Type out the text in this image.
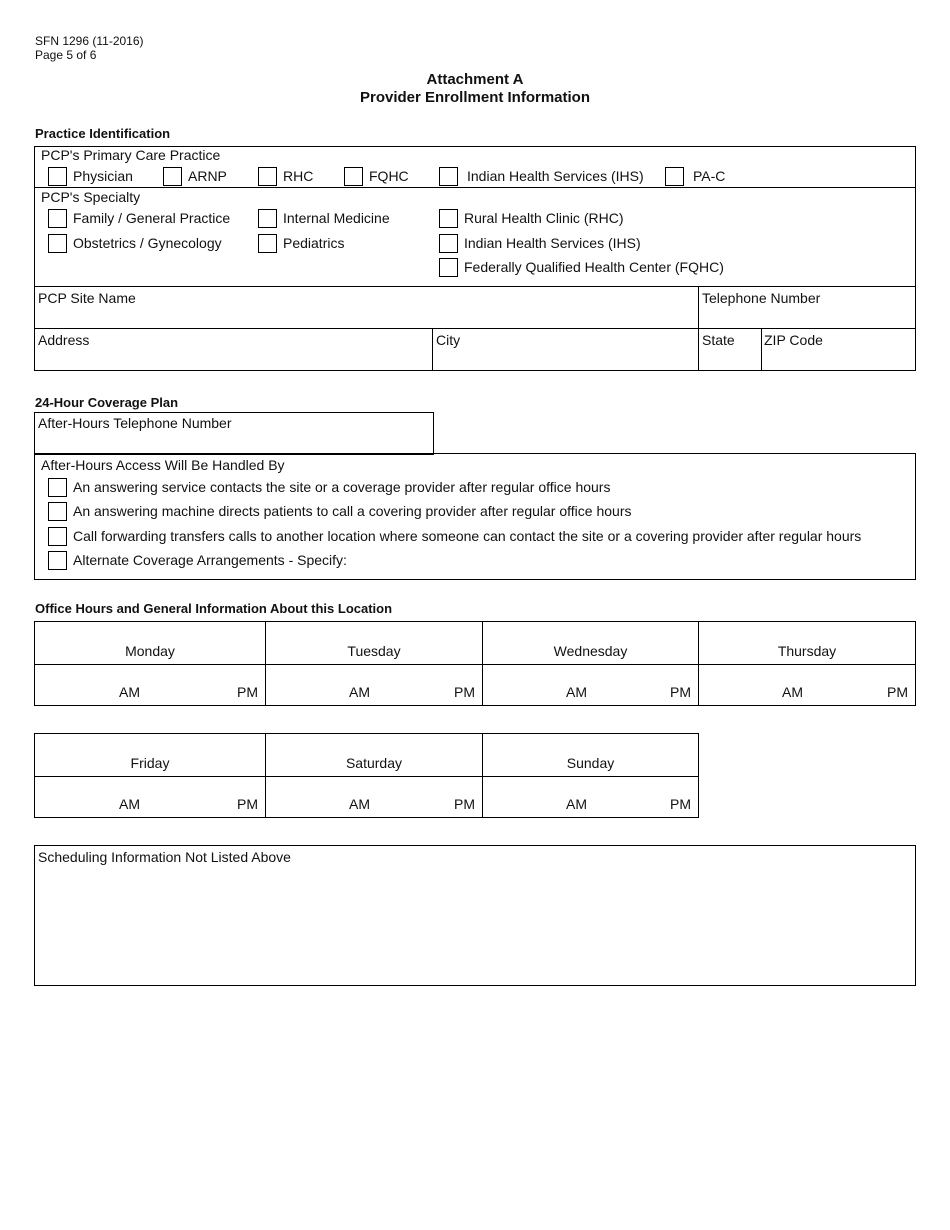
SFN 1296 (11-2016)
Page 5 of 6
Attachment A
Provider Enrollment Information
Practice Identification
PCP's Primary Care Practice
Physician	ARNP	RHC	FQHC	Indian Health Services (IHS)	PA-C
PCP's Specialty
Family / General Practice	Internal Medicine	Rural Health Clinic (RHC)
Obstetrics / Gynecology	Pediatrics	Indian Health Services (IHS)
Federally Qualified Health Center (FQHC)
PCP Site Name	Telephone Number
Address	City	State ZIP Code
24-Hour Coverage Plan
After-Hours Telephone Number
After-Hours Access Will Be Handled By
An answering service contacts the site or a coverage provider after regular office hours
An answering machine directs patients to call a covering provider after regular office hours
Call forwarding transfers calls to another location where someone can contact the site or a covering provider after regular hours
Alternate Coverage Arrangements - Specify:
Office Hours and General Information About this Location
Monday	Tuesday	Wednesday	Thursday
AM	PM	AM	PM	AM	PM	AM	PM
Friday	Saturday	Sunday
AM	PM	AM	PM	AM	PM
Scheduling Information Not Listed Above
